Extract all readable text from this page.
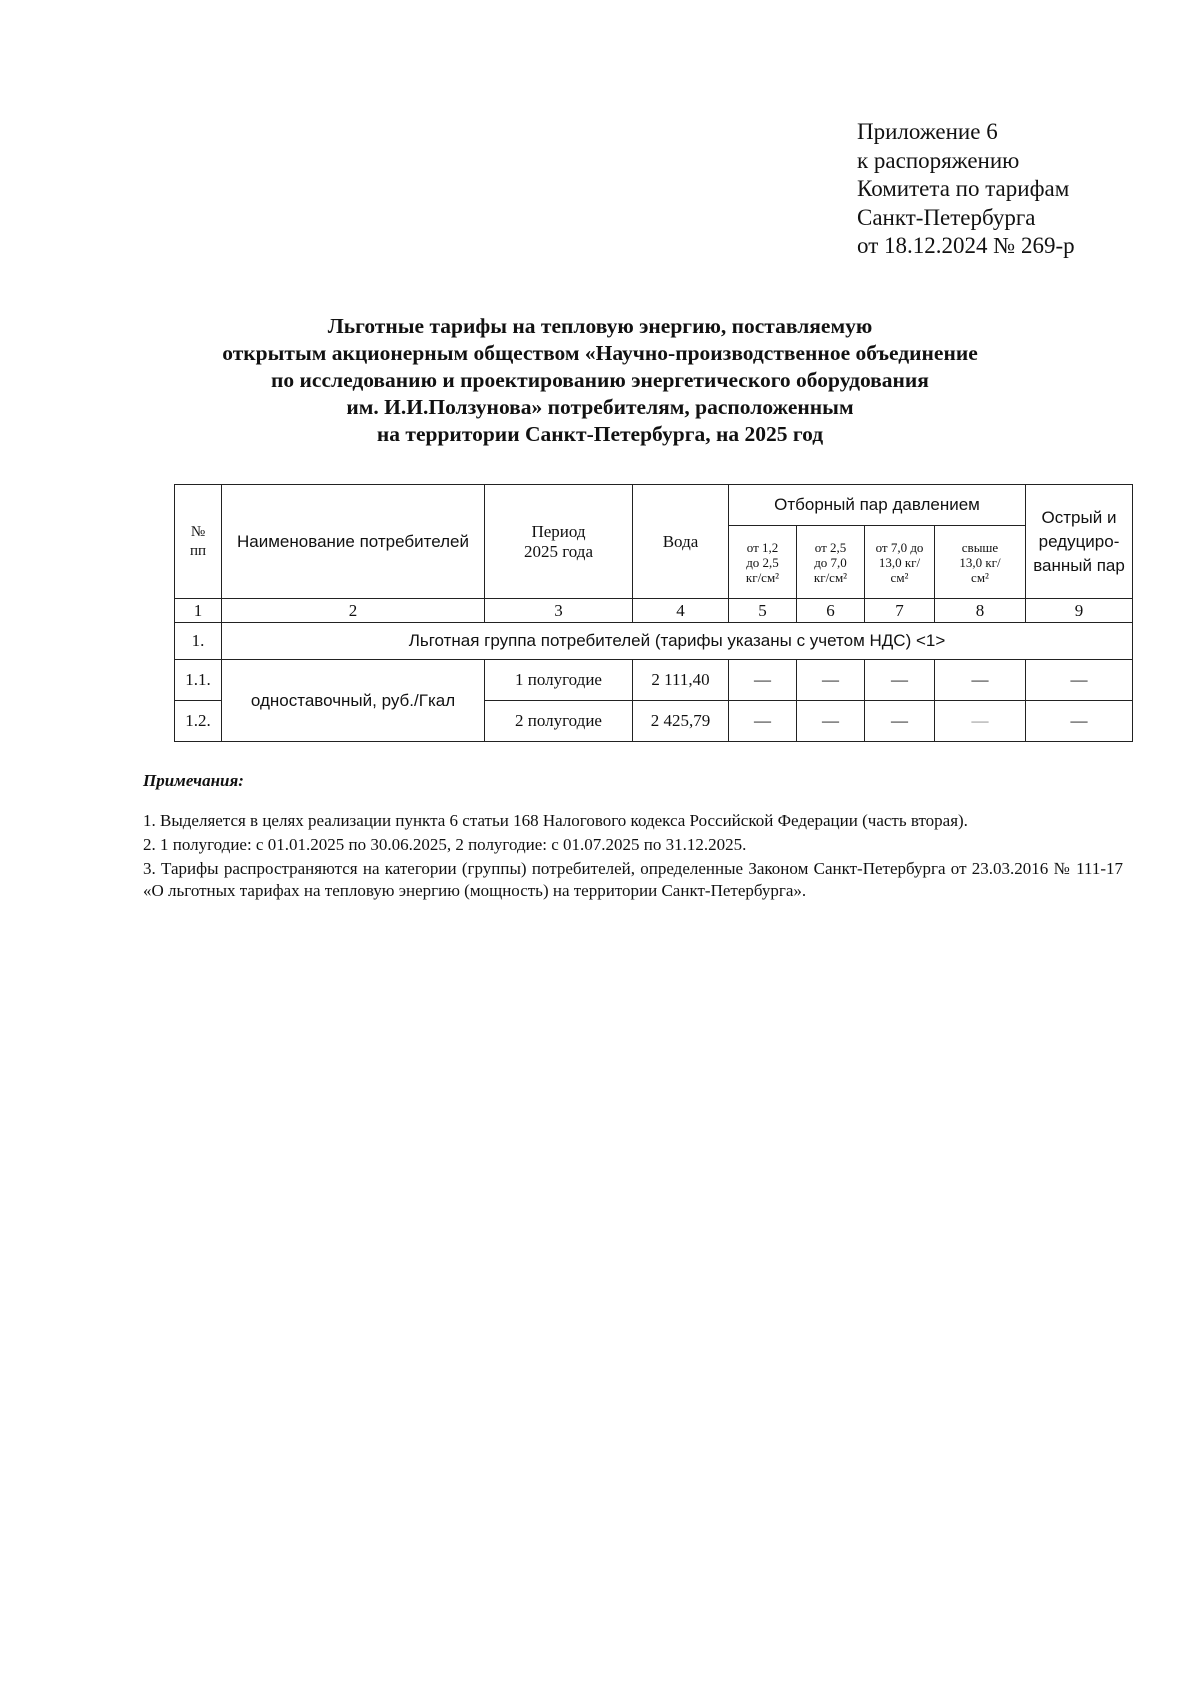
Приложение 6
к распоряжению
Комитета по тарифам
Санкт-Петербурга
от 18.12.2024 № 269-р
Льготные тарифы на тепловую энергию, поставляемую
открытым акционерным обществом «Научно-производственное объединение
по исследованию и проектированию энергетического оборудования
им. И.И.Ползунова» потребителям, расположенным
на территории Санкт-Петербурга, на 2025 год
№ пп	Наименование потребителей	Период 2025 года	Вода	Отборный пар давлением				Острый и редуциро-ванный пар
				от 1,2 до 2,5 кг/см²	от 2,5 до 7,0 кг/см²	от 7,0 до 13,0 кг/см²	свыше 13,0 кг/см²	
1	2	3	4	5	6	7	8	9
1.	Льготная группа потребителей (тарифы указаны с учетом НДС) <1>							
1.1.	одноставочный, руб./Гкал	1 полугодие	2 111,40	—	—	—	—	—
1.2.		2 полугодие	2 425,79	—	—	—	—	—
Примечания:

1. Выделяется в целях реализации пункта 6 статьи 168 Налогового кодекса Российской Федерации (часть вторая).

2. 1 полугодие: с 01.01.2025 по 30.06.2025, 2 полугодие: с 01.07.2025 по 31.12.2025.

3. Тарифы распространяются на категории (группы) потребителей, определенные Законом Санкт-Петербурга от 23.03.2016 № 111-17 «О льготных тарифах на тепловую энергию (мощность) на территории Санкт-Петербурга».
